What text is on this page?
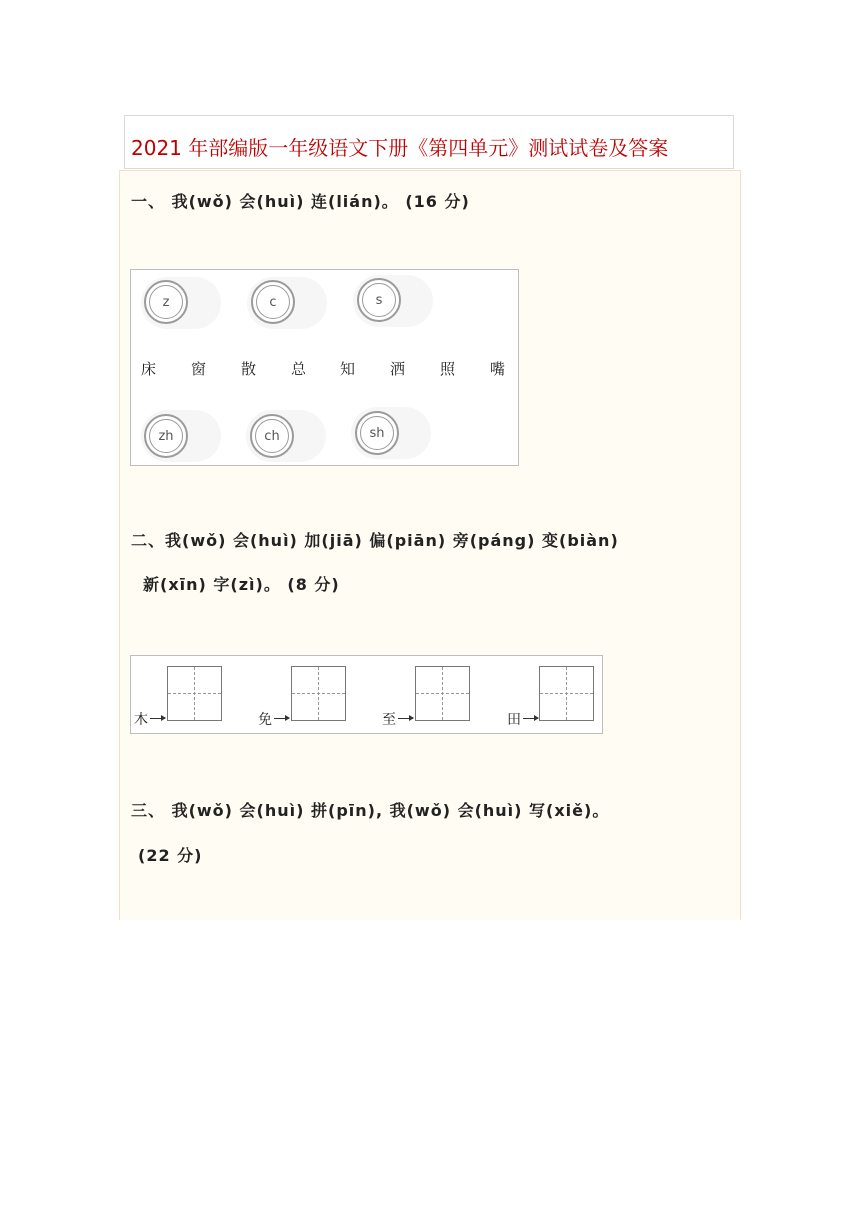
2021 年部编版一年级语文下册《第四单元》测试试卷及答案
一、 我(wǒ) 会(huì) 连(lián)。 (16 分)
z	c	s
床 窗 散 总 知 洒 照 嘴
zh	ch	sh
二、我(wǒ) 会(huì) 加(jiā) 偏(piān) 旁(páng) 变(biàn)
新(xīn) 字(zì)。 (8 分)
木	免	至	田
三、 我(wǒ) 会(huì) 拼(pīn), 我(wǒ) 会(huì) 写(xiě)。
(22 分)
